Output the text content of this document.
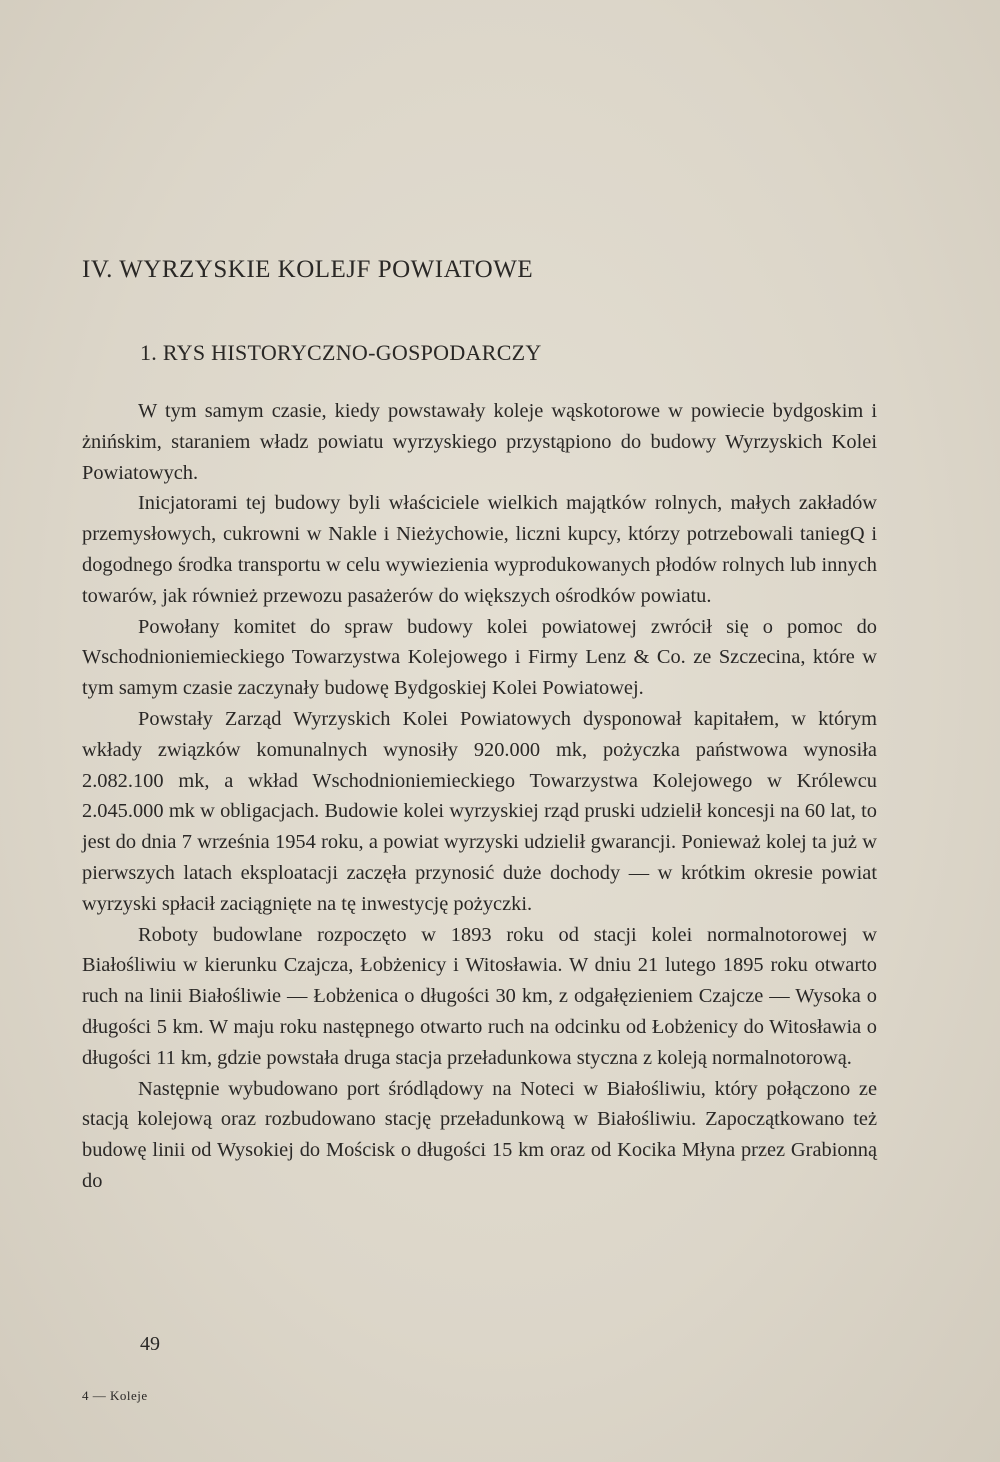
IV. WYRZYSKIE KOLEJF POWIATOWE
1. RYS HISTORYCZNO-GOSPODARCZY

W tym samym czasie, kiedy powstawały koleje wąskotorowe w powiecie bydgoskim i żnińskim, staraniem władz powiatu wyrzyskiego przystąpiono do budowy Wyrzyskich Kolei Powiatowych.

Inicjatorami tej budowy byli właściciele wielkich majątków rolnych, małych zakładów przemysłowych, cukrowni w Nakle i Nieżychowie, liczni kupcy, którzy potrzebowali taniegQ i dogodnego środka transportu w celu wywiezienia wyprodukowanych płodów rolnych lub innych towarów, jak również przewozu pasażerów do większych ośrodków powiatu.

Powołany komitet do spraw budowy kolei powiatowej zwrócił się o pomoc do Wschodnioniemieckiego Towarzystwa Kolejowego i Firmy Lenz & Co. ze Szczecina, które w tym samym czasie zaczynały budowę Bydgoskiej Kolei Powiatowej.

Powstały Zarząd Wyrzyskich Kolei Powiatowych dysponował kapitałem, w którym wkłady związków komunalnych wynosiły 920.000 mk, pożyczka państwowa wynosiła 2.082.100 mk, a wkład Wschodnioniemieckiego Towarzystwa Kolejowego w Królewcu 2.045.000 mk w obligacjach. Budowie kolei wyrzyskiej rząd pruski udzielił koncesji na 60 lat, to jest do dnia 7 września 1954 roku, a powiat wyrzyski udzielił gwarancji. Ponieważ kolej ta już w pierwszych latach eksploatacji zaczęła przynosić duże dochody — w krótkim okresie powiat wyrzyski spłacił zaciągnięte na tę inwestycję pożyczki.

Roboty budowlane rozpoczęto w 1893 roku od stacji kolei normalnotorowej w Białośliwiu w kierunku Czajcza, Łobżenicy i Witosławia. W dniu 21 lutego 1895 roku otwarto ruch na linii Białośliwie — Łobżenica o długości 30 km, z odgałęzieniem Czajcze — Wysoka o długości 5 km. W maju roku następnego otwarto ruch na odcinku od Łobżenicy do Witosławia o długości 11 km, gdzie powstała druga stacja przeładunkowa styczna z koleją normalnotorową.

Następnie wybudowano port śródlądowy na Noteci w Białośliwiu, który połączono ze stacją kolejową oraz rozbudowano stację przeładunkową w Białośliwiu. Zapoczątkowano też budowę linii od Wysokiej do Mościsk o długości 15 km oraz od Kocika Młyna przez Grabionną do

49
4 — Koleje
